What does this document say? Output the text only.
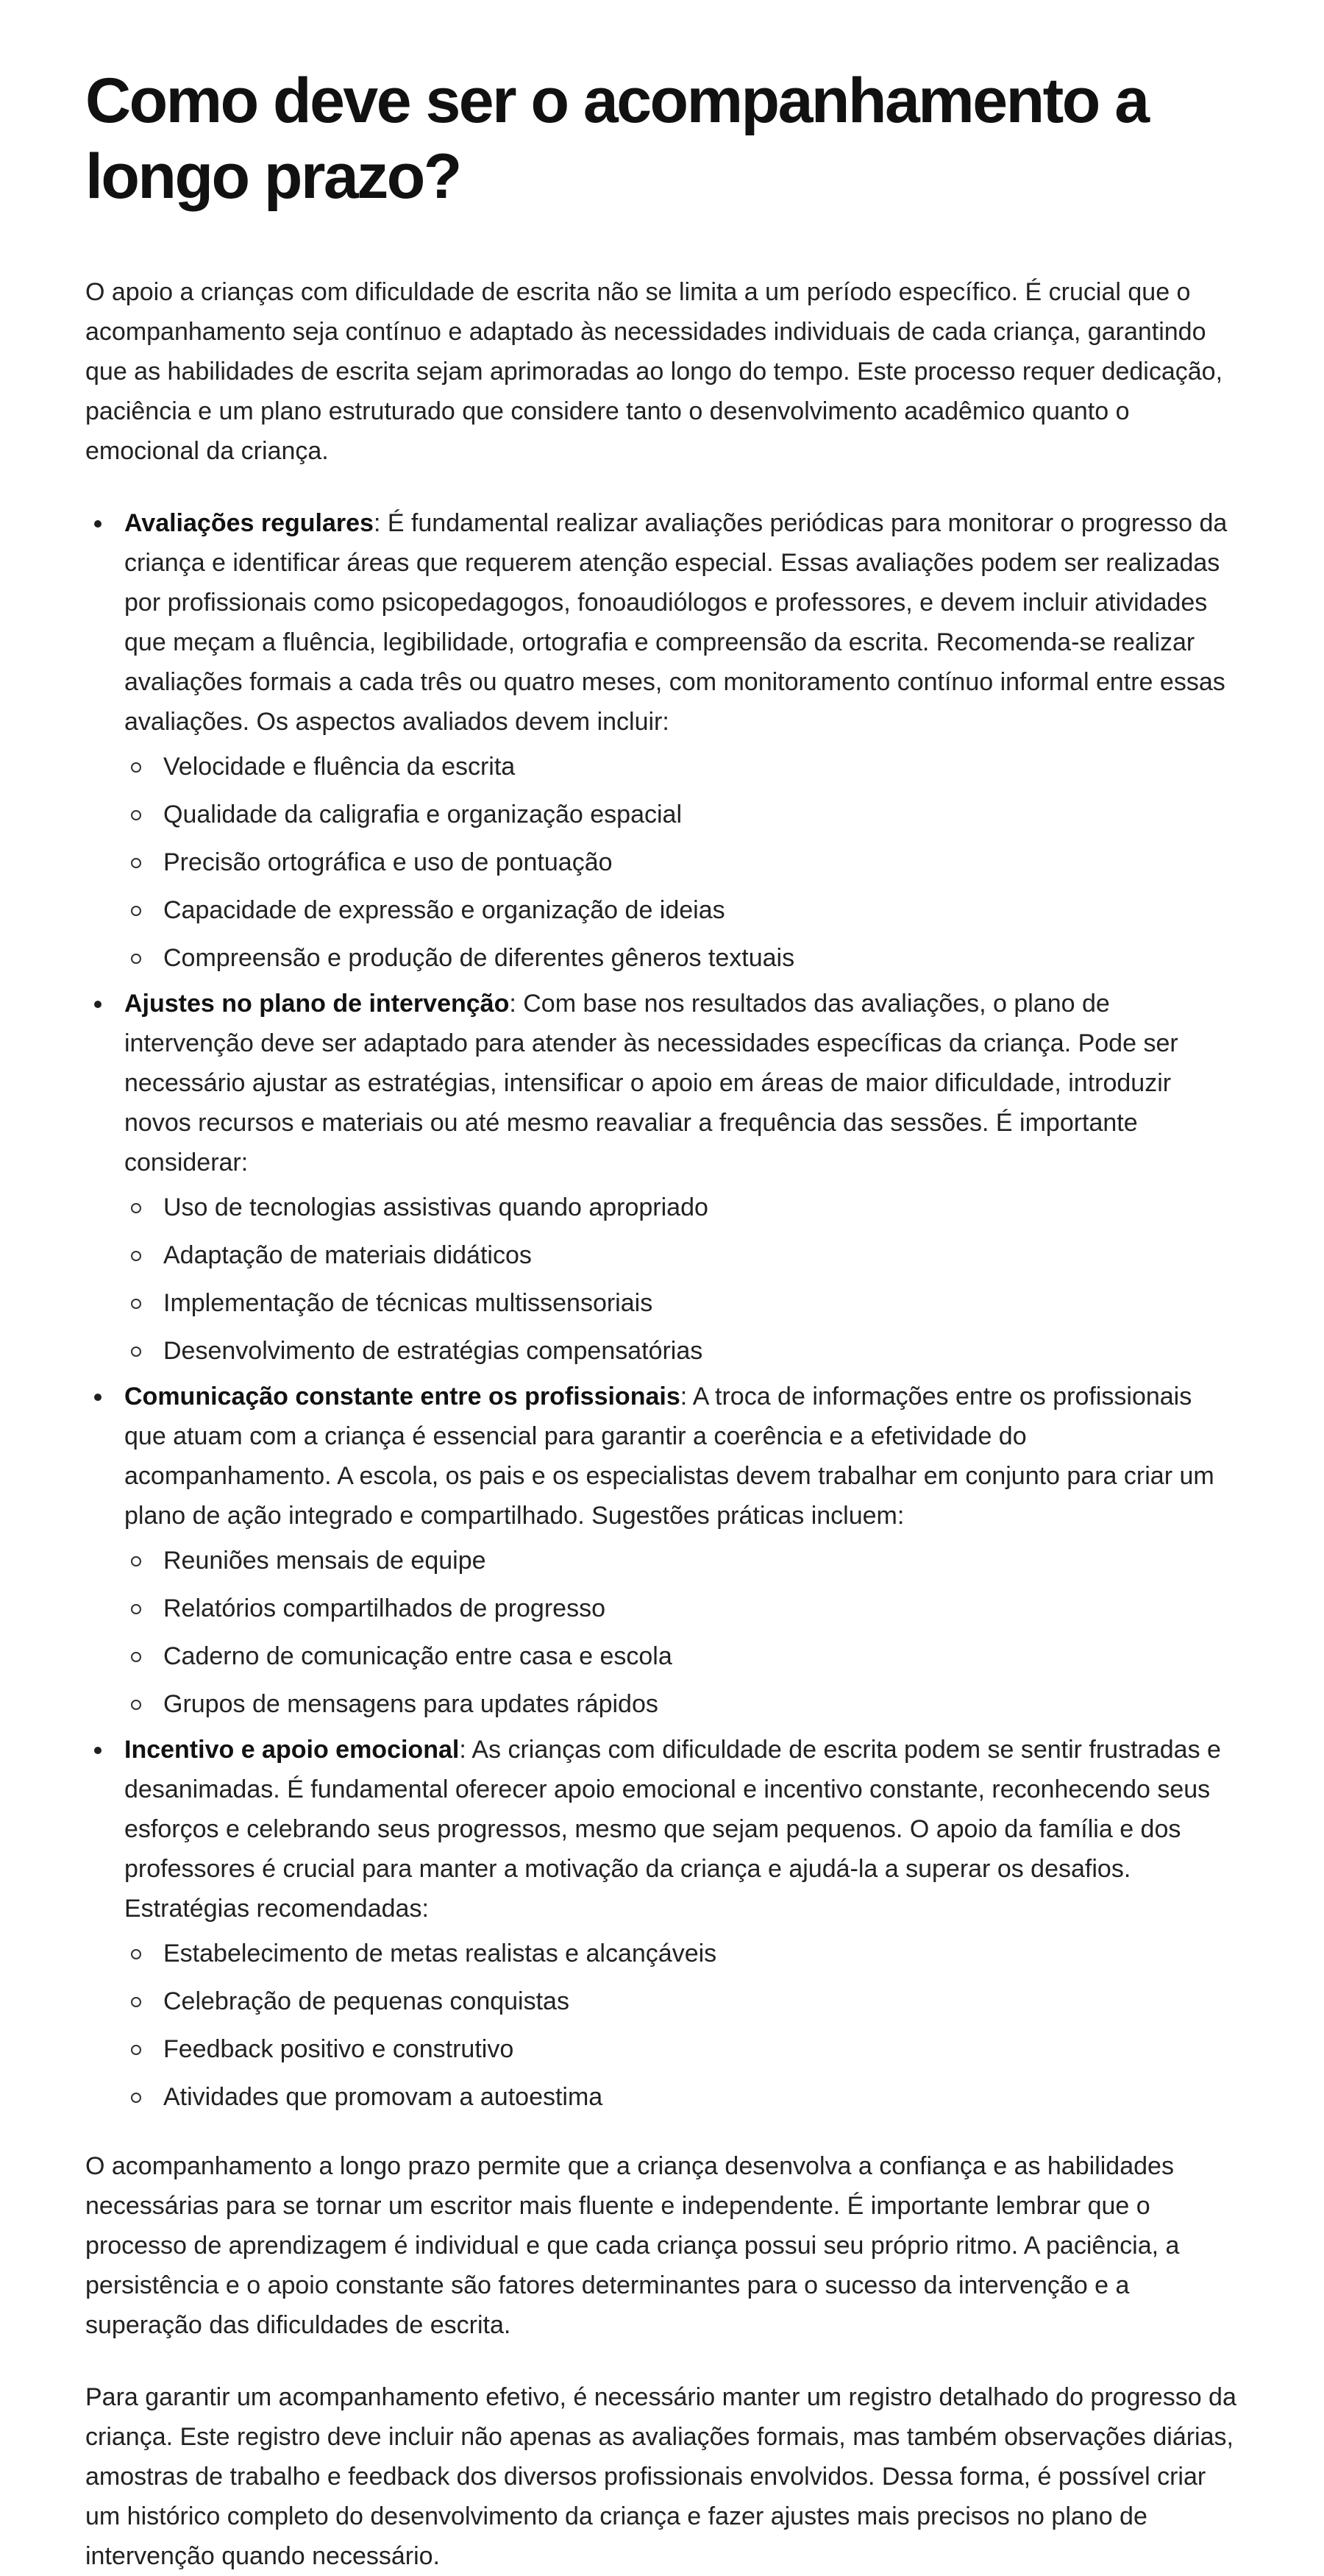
Como deve ser o acompanhamento a longo prazo?

O apoio a crianças com dificuldade de escrita não se limita a um período específico. É crucial que o acompanhamento seja contínuo e adaptado às necessidades individuais de cada criança, garantindo que as habilidades de escrita sejam aprimoradas ao longo do tempo. Este processo requer dedicação, paciência e um plano estruturado que considere tanto o desenvolvimento acadêmico quanto o emocional da criança.

Avaliações regulares: É fundamental realizar avaliações periódicas para monitorar o progresso da criança e identificar áreas que requerem atenção especial. Essas avaliações podem ser realizadas por profissionais como psicopedagogos, fonoaudiólogos e professores, e devem incluir atividades que meçam a fluência, legibilidade, ortografia e compreensão da escrita. Recomenda-se realizar avaliações formais a cada três ou quatro meses, com monitoramento contínuo informal entre essas avaliações. Os aspectos avaliados devem incluir:
Velocidade e fluência da escrita
Qualidade da caligrafia e organização espacial
Precisão ortográfica e uso de pontuação
Capacidade de expressão e organização de ideias
Compreensão e produção de diferentes gêneros textuais
Ajustes no plano de intervenção: Com base nos resultados das avaliações, o plano de intervenção deve ser adaptado para atender às necessidades específicas da criança. Pode ser necessário ajustar as estratégias, intensificar o apoio em áreas de maior dificuldade, introduzir novos recursos e materiais ou até mesmo reavaliar a frequência das sessões. É importante considerar:
Uso de tecnologias assistivas quando apropriado
Adaptação de materiais didáticos
Implementação de técnicas multissensoriais
Desenvolvimento de estratégias compensatórias
Comunicação constante entre os profissionais: A troca de informações entre os profissionais que atuam com a criança é essencial para garantir a coerência e a efetividade do acompanhamento. A escola, os pais e os especialistas devem trabalhar em conjunto para criar um plano de ação integrado e compartilhado. Sugestões práticas incluem:
Reuniões mensais de equipe
Relatórios compartilhados de progresso
Caderno de comunicação entre casa e escola
Grupos de mensagens para updates rápidos
Incentivo e apoio emocional: As crianças com dificuldade de escrita podem se sentir frustradas e desanimadas. É fundamental oferecer apoio emocional e incentivo constante, reconhecendo seus esforços e celebrando seus progressos, mesmo que sejam pequenos. O apoio da família e dos professores é crucial para manter a motivação da criança e ajudá-la a superar os desafios. Estratégias recomendadas:
Estabelecimento de metas realistas e alcançáveis
Celebração de pequenas conquistas
Feedback positivo e construtivo
Atividades que promovam a autoestima

O acompanhamento a longo prazo permite que a criança desenvolva a confiança e as habilidades necessárias para se tornar um escritor mais fluente e independente. É importante lembrar que o processo de aprendizagem é individual e que cada criança possui seu próprio ritmo. A paciência, a persistência e o apoio constante são fatores determinantes para o sucesso da intervenção e a superação das dificuldades de escrita.

Para garantir um acompanhamento efetivo, é necessário manter um registro detalhado do progresso da criança. Este registro deve incluir não apenas as avaliações formais, mas também observações diárias, amostras de trabalho e feedback dos diversos profissionais envolvidos. Dessa forma, é possível criar um histórico completo do desenvolvimento da criança e fazer ajustes mais precisos no plano de intervenção quando necessário.
